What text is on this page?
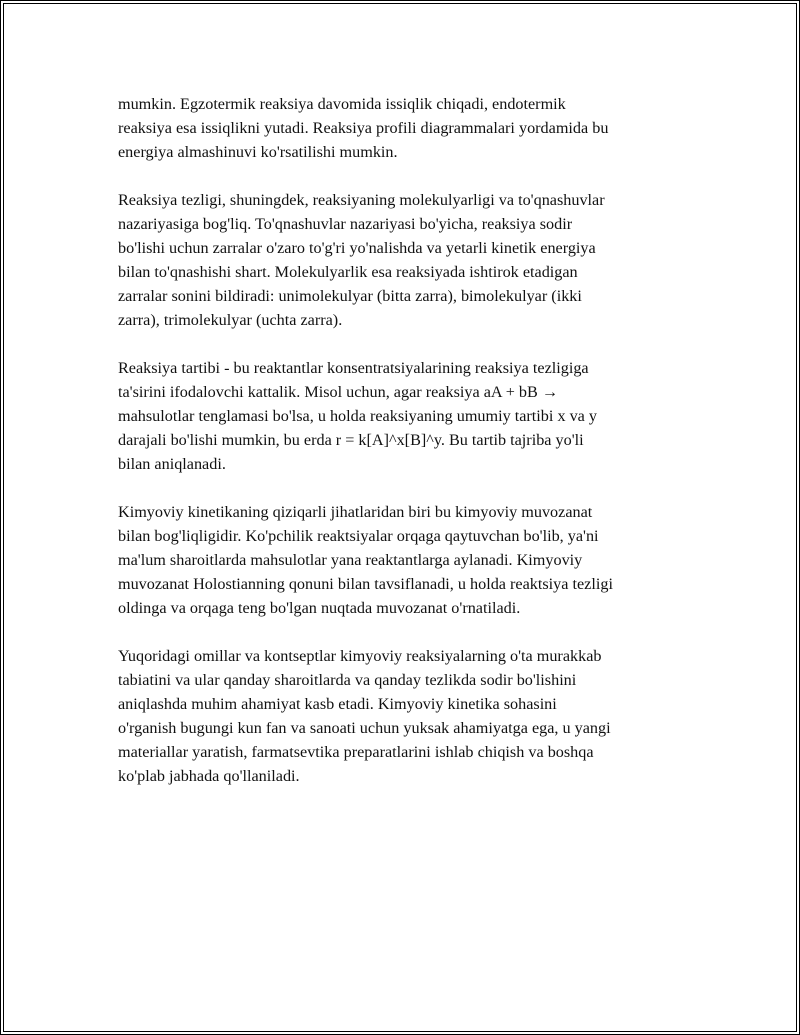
mumkin. Egzotermik reaksiya davomida issiqlik chiqadi, endotermik
reaksiya esa issiqlikni yutadi. Reaksiya profili diagrammalari yordamida bu
energiya almashinuvi ko'rsatilishi mumkin.

Reaksiya tezligi, shuningdek, reaksiyaning molekulyarligi va to'qnashuvlar
nazariyasiga bog'liq. To'qnashuvlar nazariyasi bo'yicha, reaksiya sodir
bo'lishi uchun zarralar o'zaro to'g'ri yo'nalishda va yetarli kinetik energiya
bilan to'qnashishi shart. Molekulyarlik esa reaksiyada ishtirok etadigan
zarralar sonini bildiradi: unimolekulyar (bitta zarra), bimolekulyar (ikki
zarra), trimolekulyar (uchta zarra).

Reaksiya tartibi - bu reaktantlar konsentratsiyalarining reaksiya tezligiga
ta'sirini ifodalovchi kattalik. Misol uchun, agar reaksiya aA + bB →
mahsulotlar tenglamasi bo'lsa, u holda reaksiyaning umumiy tartibi x va y
darajali bo'lishi mumkin, bu erda r = k[A]^x[B]^y. Bu tartib tajriba yo'li
bilan aniqlanadi.

Kimyoviy kinetikaning qiziqarli jihatlaridan biri bu kimyoviy muvozanat
bilan bog'liqligidir. Ko'pchilik reaktsiyalar orqaga qaytuvchan bo'lib, ya'ni
ma'lum sharoitlarda mahsulotlar yana reaktantlarga aylanadi. Kimyoviy
muvozanat Holostianning qonuni bilan tavsiflanadi, u holda reaktsiya tezligi
oldinga va orqaga teng bo'lgan nuqtada muvozanat o'rnatiladi.

Yuqoridagi omillar va kontseptlar kimyoviy reaksiyalarning o'ta murakkab
tabiatini va ular qanday sharoitlarda va qanday tezlikda sodir bo'lishini
aniqlashda muhim ahamiyat kasb etadi. Kimyoviy kinetika sohasini
o'rganish bugungi kun fan va sanoati uchun yuksak ahamiyatga ega, u yangi
materiallar yaratish, farmatsevtika preparatlarini ishlab chiqish va boshqa
ko'plab jabhada qo'llaniladi.
